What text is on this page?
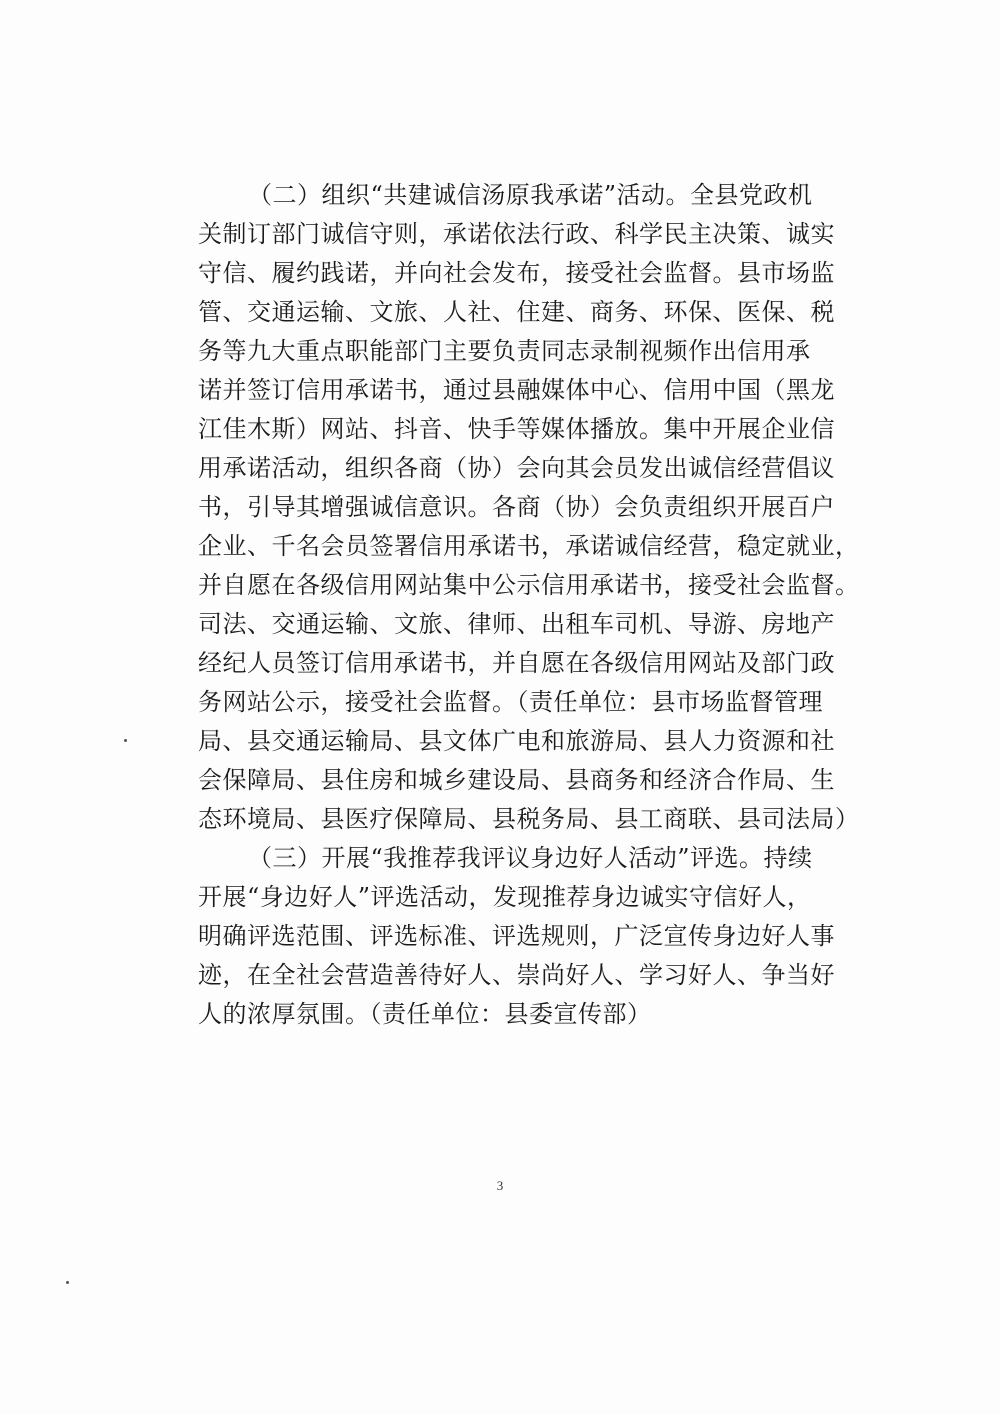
（二）组织“共建诚信汤原我承诺”活动。全县党政机
关制订部门诚信守则，承诺依法行政、科学民主决策、诚实
守信、履约践诺，并向社会发布，接受社会监督。县市场监
管、交通运输、文旅、人社、住建、商务、环保、医保、税
务等九大重点职能部门主要负责同志录制视频作出信用承
诺并签订信用承诺书，通过县融媒体中心、信用中国（黑龙
江佳木斯）网站、抖音、快手等媒体播放。集中开展企业信
用承诺活动，组织各商（协）会向其会员发出诚信经营倡议
书，引导其增强诚信意识。各商（协）会负责组织开展百户
企业、千名会员签署信用承诺书，承诺诚信经营，稳定就业，
并自愿在各级信用网站集中公示信用承诺书，接受社会监督。
司法、交通运输、文旅、律师、出租车司机、导游、房地产
经纪人员签订信用承诺书，并自愿在各级信用网站及部门政
务网站公示，接受社会监督。（责任单位：县市场监督管理
局、县交通运输局、县文体广电和旅游局、县人力资源和社
会保障局、县住房和城乡建设局、县商务和经济合作局、生
态环境局、县医疗保障局、县税务局、县工商联、县司法局）
（三）开展“我推荐我评议身边好人活动”评选。持续
开展“身边好人”评选活动，发现推荐身边诚实守信好人，
明确评选范围、评选标准、评选规则，广泛宣传身边好人事
迹，在全社会营造善待好人、崇尚好人、学习好人、争当好
人的浓厚氛围。（责任单位：县委宣传部）
3
